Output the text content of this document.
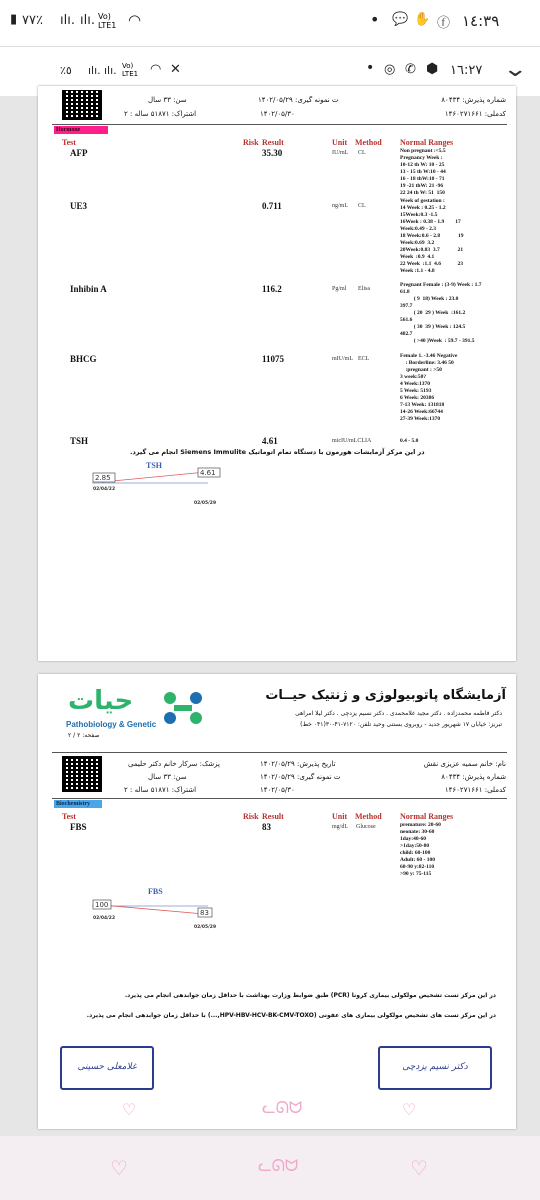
▮ ٧٧٪ ıl‌ı. ıl‌ı. Vo) LTE1 ◠	• 💬 ✋ ⓕ ١٤:٣٩
٪٥ ıl‌ı. ıl‌ı. Vo) LTE1 ◠ ✕	• ◎ ✆ ⬢ ١٦:٢٧ ⌄
شماره پذیرش: ۸۰۴۳۴
ت نمونه گیری: ۱۴۰۲/۰۵/۲۹
سن: ۳۳ سال
کدملی: ۱۴۶۰۲۷۱۶۶۱
۱۴۰۲/۰۵/۳۰
اشتراک: ۵۱۸۷۱ ساله : ۲
Hormone
Test	Risk Result	Unit Method Normal Ranges
AFP	35.30	IU/mL CL	Non pregnant :<5.5
Pregnancy Week :
10-12 th W: 10 - 25
13 - 15 th W:10 - 44
16 - 18 thW:10 - 71
19 -21 thW: 21 -96
22 24 th W: 51  150
UE3	0.711	ng/mL CL
Week of gestation :
14 Week : 0.25 - 1.2
15Week:0.3 -1.5
16Week : 0.38 - 1.9        17
Week:0.49 - 2.3
18 Week:0.6 - 2.8             19
Week:0.69  3.2
20Week:0.83  3.7             21
Week  :0.9  4.1
22 Week  :1.1  4.6            23
Week :1.1 - 4.8
Inhibin A	116.2	Pg/ml Elisa
Pregnant Female : (3-9) Week : 1.7
61.8
( 9  18) Week : 23.0
397.7
( 20  29 ) Week  :161.2
561.6
( 30  39 ) Week : 124.5
482.7
( >40 )Week  : 59.7 - 391.5
BHCG	11075	mIU/mL ECL	Female 1. -3.46 Negative
: Borderline: 3.46 50
:pregnant : >50
3 week:50?
4 Week:1370
5 Week: 5193
6 Week: 20386
7-13 Week: 131818
14-26 Week:66744
27-39 Week:1370
TSH	4.61	micIU/mLCLIA	0.4 - 5.0
در این مرکز آزمایشات هورمون با دستگاه تمام اتوماتیک Siemens Immulite انجام می گیرد.
TSH
2.85
4.61
02/04/22
02/05/29
آزمایشگاه پاتوبیولوژی و ژنتیک حیــات
دکتر فاطمه محمدزاده . دکتر مجید غلامحمدی . دکتر نسیم یزدچی . دکتر لیلا امراهی
تبریز: خیابان ۱۷ شهریور جدید - روبروی بستنی وحید تلفن: ۷۱۲۰-۴۱-۳۰(۰۴۱ خط)
حیات
Pathobiology & Genetic
صفحه: ۲ / ۲
نام: خانم سمیه عزیزی نقش
تاریخ پذیرش: ۱۴۰۲/۰۵/۲۹
پزشک: سرکار خانم دکتر حلیمی
شماره پذیرش: ۸۰۴۳۴
ت نمونه گیری: ۱۴۰۲/۰۵/۲۹
سن: ۳۳ سال
کدملی: ۱۴۶۰۲۷۱۶۶۱
۱۴۰۲/۰۵/۳۰
اشتراک: ۵۱۸۷۱ ساله : ۲
Biochemistry
Test	Risk Result	Unit Method Normal Ranges
FBS	83	mg/dL Glucose	premature: 20-60
neonate: 30-60
1day:40-60
>1day:50-80
child: 60-100
Adult: 60 - 100
60-90 y:82-110
>90 y: 75-115
FBS
100
83
02/04/22
02/05/29
در این مرکز تست تشخیص مولکولی بیماری کرونا (PCR) طبق ضوابط وزارت بهداشت با حداقل زمان جوابدهی انجام می پذیرد.
در این مرکز تست های تشخیص مولکولی بیماری های عفونی (HPV-HBV-HCV-BK-CMV-TOXO,...) با حداقل زمان جوابدهی انجام می پذیرد.
غلامعلی حسینی	دکتر نسیم یزدچی
♡	ᓚᘏᗢ	♡
♡	ᓚᘏᗢ	♡
